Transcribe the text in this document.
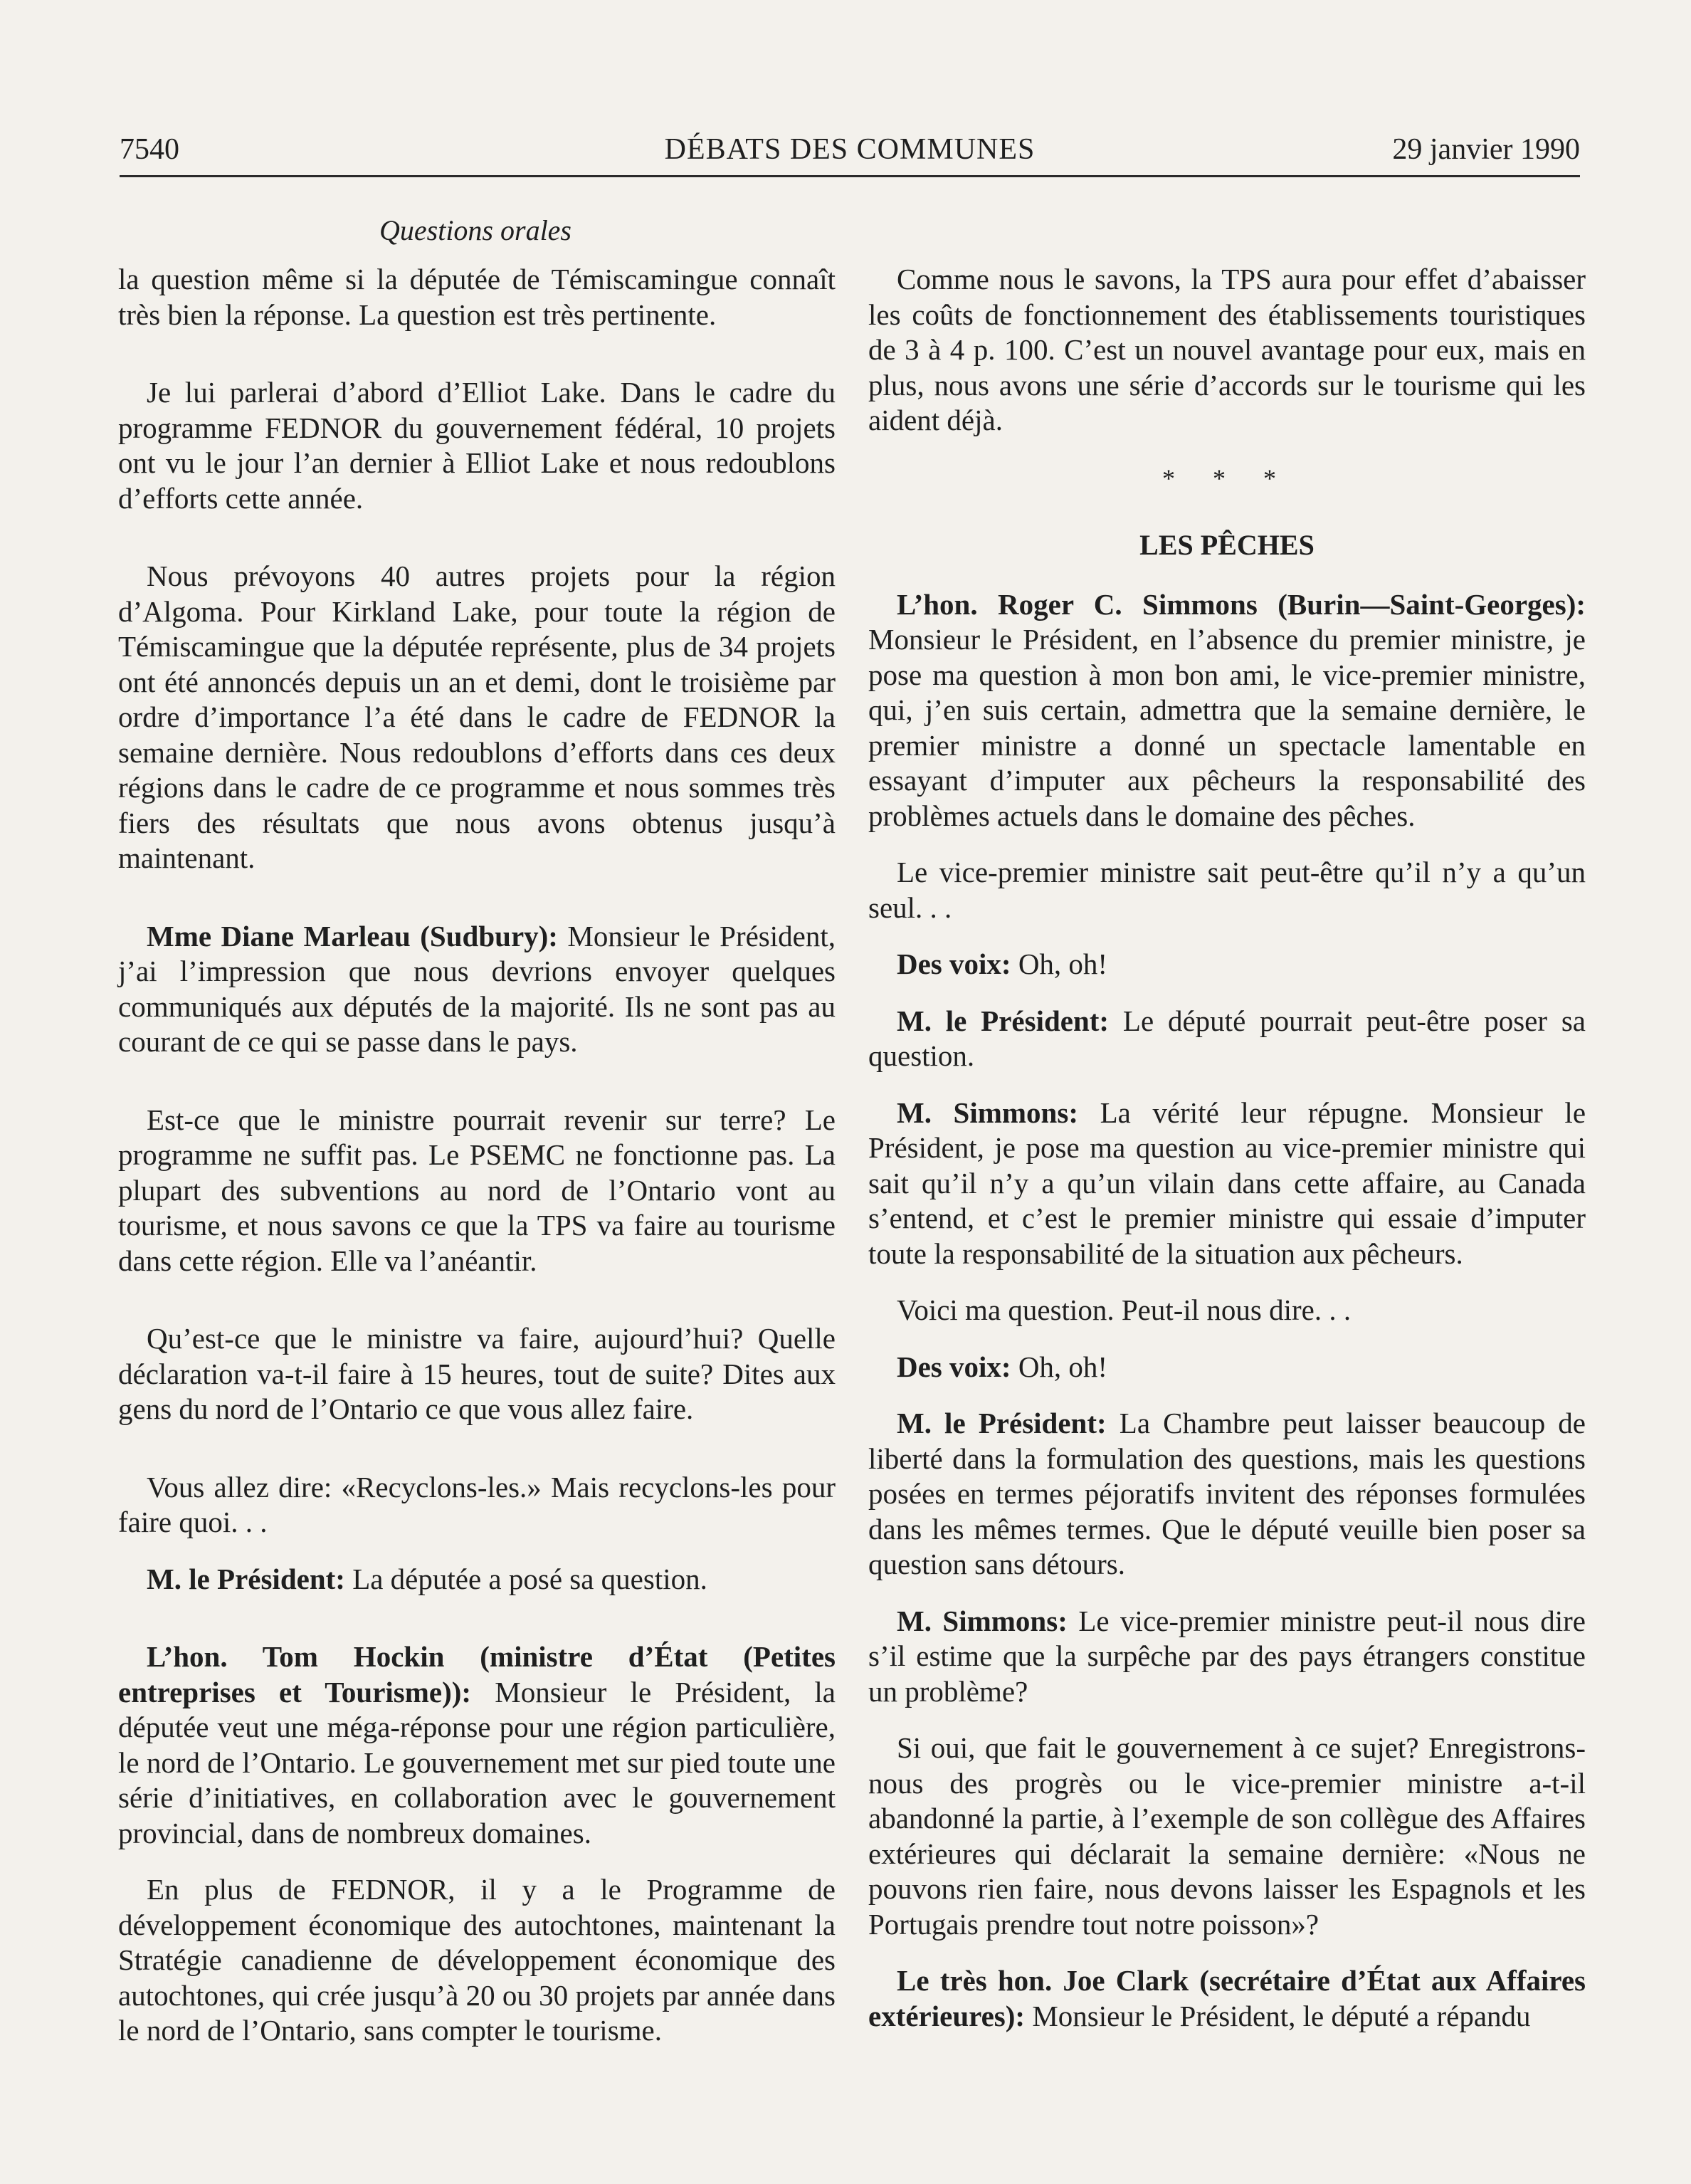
7540	DÉBATS DES COMMUNES	29 janvier 1990
Questions orales

la question même si la députée de Témiscamingue connaît très bien la réponse. La question est très pertinente.

Je lui parlerai d’abord d’Elliot Lake. Dans le cadre du programme FEDNOR du gouvernement fédéral, 10 projets ont vu le jour l’an dernier à Elliot Lake et nous redoublons d’efforts cette année.

Nous prévoyons 40 autres projets pour la région d’Algoma. Pour Kirkland Lake, pour toute la région de Témiscamingue que la députée représente, plus de 34 projets ont été annoncés depuis un an et demi, dont le troisième par ordre d’importance l’a été dans le cadre de FEDNOR la semaine dernière. Nous redoublons d’efforts dans ces deux régions dans le cadre de ce programme et nous sommes très fiers des résultats que nous avons obtenus jusqu’à maintenant.

Mme Diane Marleau (Sudbury): Monsieur le Président, j’ai l’impression que nous devrions envoyer quelques communiqués aux députés de la majorité. Ils ne sont pas au courant de ce qui se passe dans le pays.

Est-ce que le ministre pourrait revenir sur terre? Le programme ne suffit pas. Le PSEMC ne fonctionne pas. La plupart des subventions au nord de l’Ontario vont au tourisme, et nous savons ce que la TPS va faire au tourisme dans cette région. Elle va l’anéantir.

Qu’est-ce que le ministre va faire, aujourd’hui? Quelle déclaration va-t-il faire à 15 heures, tout de suite? Dites aux gens du nord de l’Ontario ce que vous allez faire.

Vous allez dire: «Recyclons-les.» Mais recyclons-les pour faire quoi. . .

M. le Président: La députée a posé sa question.

L’hon. Tom Hockin (ministre d’État (Petites entreprises et Tourisme)): Monsieur le Président, la députée veut une méga-réponse pour une région particulière, le nord de l’Ontario. Le gouvernement met sur pied toute une série d’initiatives, en collaboration avec le gouvernement provincial, dans de nombreux domaines.

En plus de FEDNOR, il y a le Programme de développement économique des autochtones, maintenant la Stratégie canadienne de développement économique des autochtones, qui crée jusqu’à 20 ou 30 projets par année dans le nord de l’Ontario, sans compter le tourisme.

Comme nous le savons, la TPS aura pour effet d’abaisser les coûts de fonctionnement des établissements touristiques de 3 à 4 p. 100. C’est un nouvel avantage pour eux, mais en plus, nous avons une série d’accords sur le tourisme qui les aident déjà.

* * *
LES PÊCHES

L’hon. Roger C. Simmons (Burin—Saint-Georges): Monsieur le Président, en l’absence du premier ministre, je pose ma question à mon bon ami, le vice-premier ministre, qui, j’en suis certain, admettra que la semaine dernière, le premier ministre a donné un spectacle lamentable en essayant d’imputer aux pêcheurs la responsabilité des problèmes actuels dans le domaine des pêches.

Le vice-premier ministre sait peut-être qu’il n’y a qu’un seul. . .

Des voix: Oh, oh!

M. le Président: Le député pourrait peut-être poser sa question.

M. Simmons: La vérité leur répugne. Monsieur le Président, je pose ma question au vice-premier ministre qui sait qu’il n’y a qu’un vilain dans cette affaire, au Canada s’entend, et c’est le premier ministre qui essaie d’imputer toute la responsabilité de la situation aux pêcheurs.

Voici ma question. Peut-il nous dire. . .

Des voix: Oh, oh!

M. le Président: La Chambre peut laisser beaucoup de liberté dans la formulation des questions, mais les questions posées en termes péjoratifs invitent des réponses formulées dans les mêmes termes. Que le député veuille bien poser sa question sans détours.

M. Simmons: Le vice-premier ministre peut-il nous dire s’il estime que la surpêche par des pays étrangers constitue un problème?

Si oui, que fait le gouvernement à ce sujet? Enregistrons-nous des progrès ou le vice-premier ministre a-t-il abandonné la partie, à l’exemple de son collègue des Affaires extérieures qui déclarait la semaine dernière: «Nous ne pouvons rien faire, nous devons laisser les Espagnols et les Portugais prendre tout notre poisson»?

Le très hon. Joe Clark (secrétaire d’État aux Affaires extérieures): Monsieur le Président, le député a répandu
